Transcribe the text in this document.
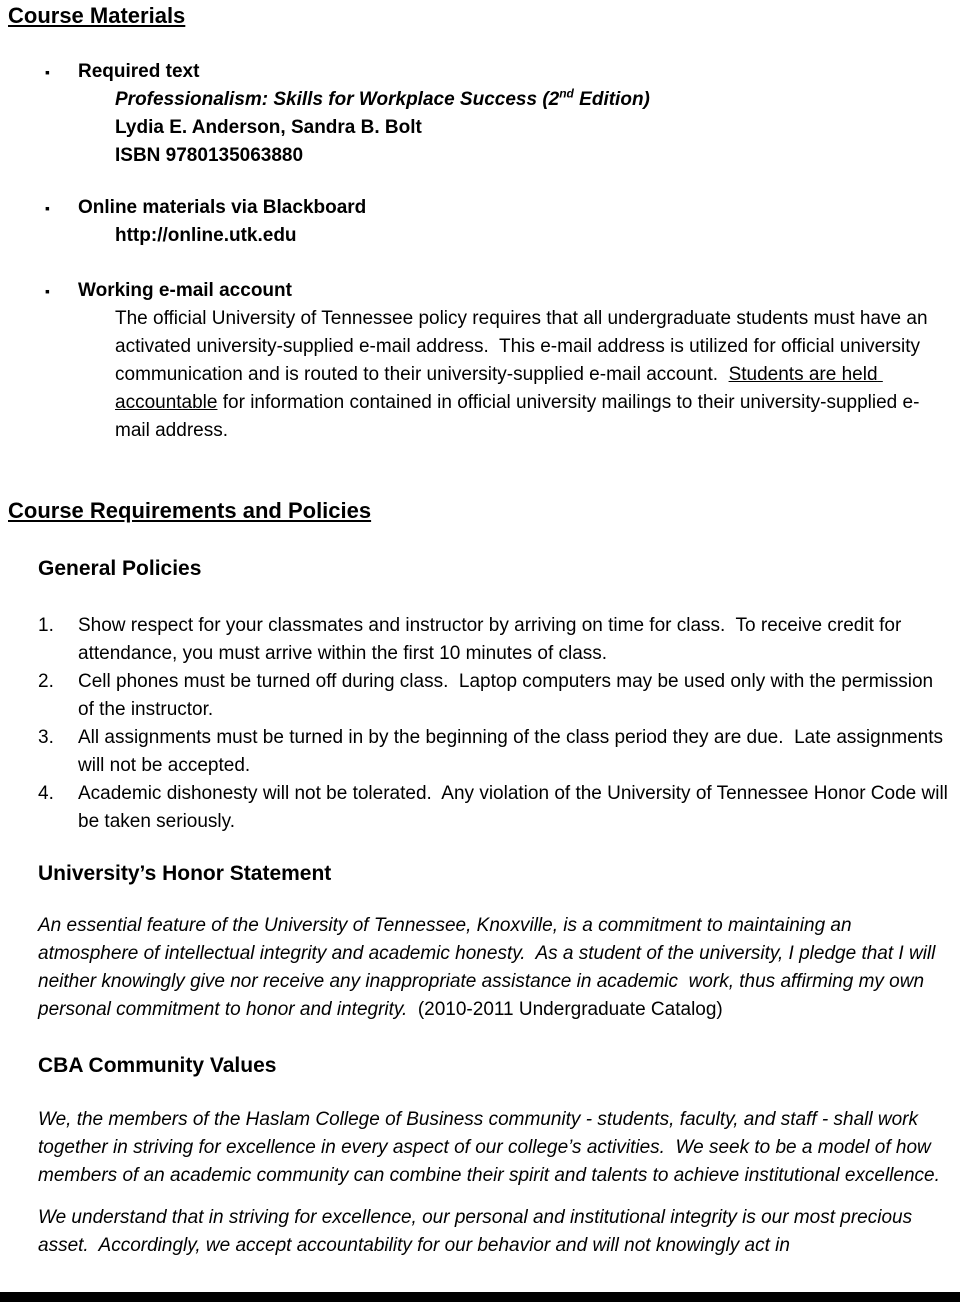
Course Materials
▪	Required text
Professionalism: Skills for Workplace Success (2nd Edition)
Lydia E. Anderson, Sandra B. Bolt
ISBN 9780135063880
▪	Online materials via Blackboard
http://online.utk.edu
▪	Working e-mail account
The official University of Tennessee policy requires that all undergraduate students must have an activated university-supplied e-mail address.  This e-mail address is utilized for official university communication and is routed to their university-supplied e-mail account.  Students are held accountable for information contained in official university mailings to their university-supplied e-mail address.
Course Requirements and Policies
General Policies
1.	Show respect for your classmates and instructor by arriving on time for class.  To receive credit for attendance, you must arrive within the first 10 minutes of class.
2.	Cell phones must be turned off during class.  Laptop computers may be used only with the permission of the instructor.
3.	All assignments must be turned in by the beginning of the class period they are due.  Late assignments will not be accepted.
4.	Academic dishonesty will not be tolerated.  Any violation of the University of Tennessee Honor Code will be taken seriously.
University’s Honor Statement
An essential feature of the University of Tennessee, Knoxville, is a commitment to maintaining an atmosphere of intellectual integrity and academic honesty.  As a student of the university, I pledge that I will neither knowingly give nor receive any inappropriate assistance in academic  work, thus affirming my own personal commitment to honor and integrity.  (2010-2011 Undergraduate Catalog)
CBA Community Values
We, the members of the Haslam College of Business community - students, faculty, and staff - shall work together in striving for excellence in every aspect of our college’s activities.  We seek to be a model of how members of an academic community can combine their spirit and talents to achieve institutional excellence.
We understand that in striving for excellence, our personal and institutional integrity is our most precious asset.  Accordingly, we accept accountability for our behavior and will not knowingly act in
